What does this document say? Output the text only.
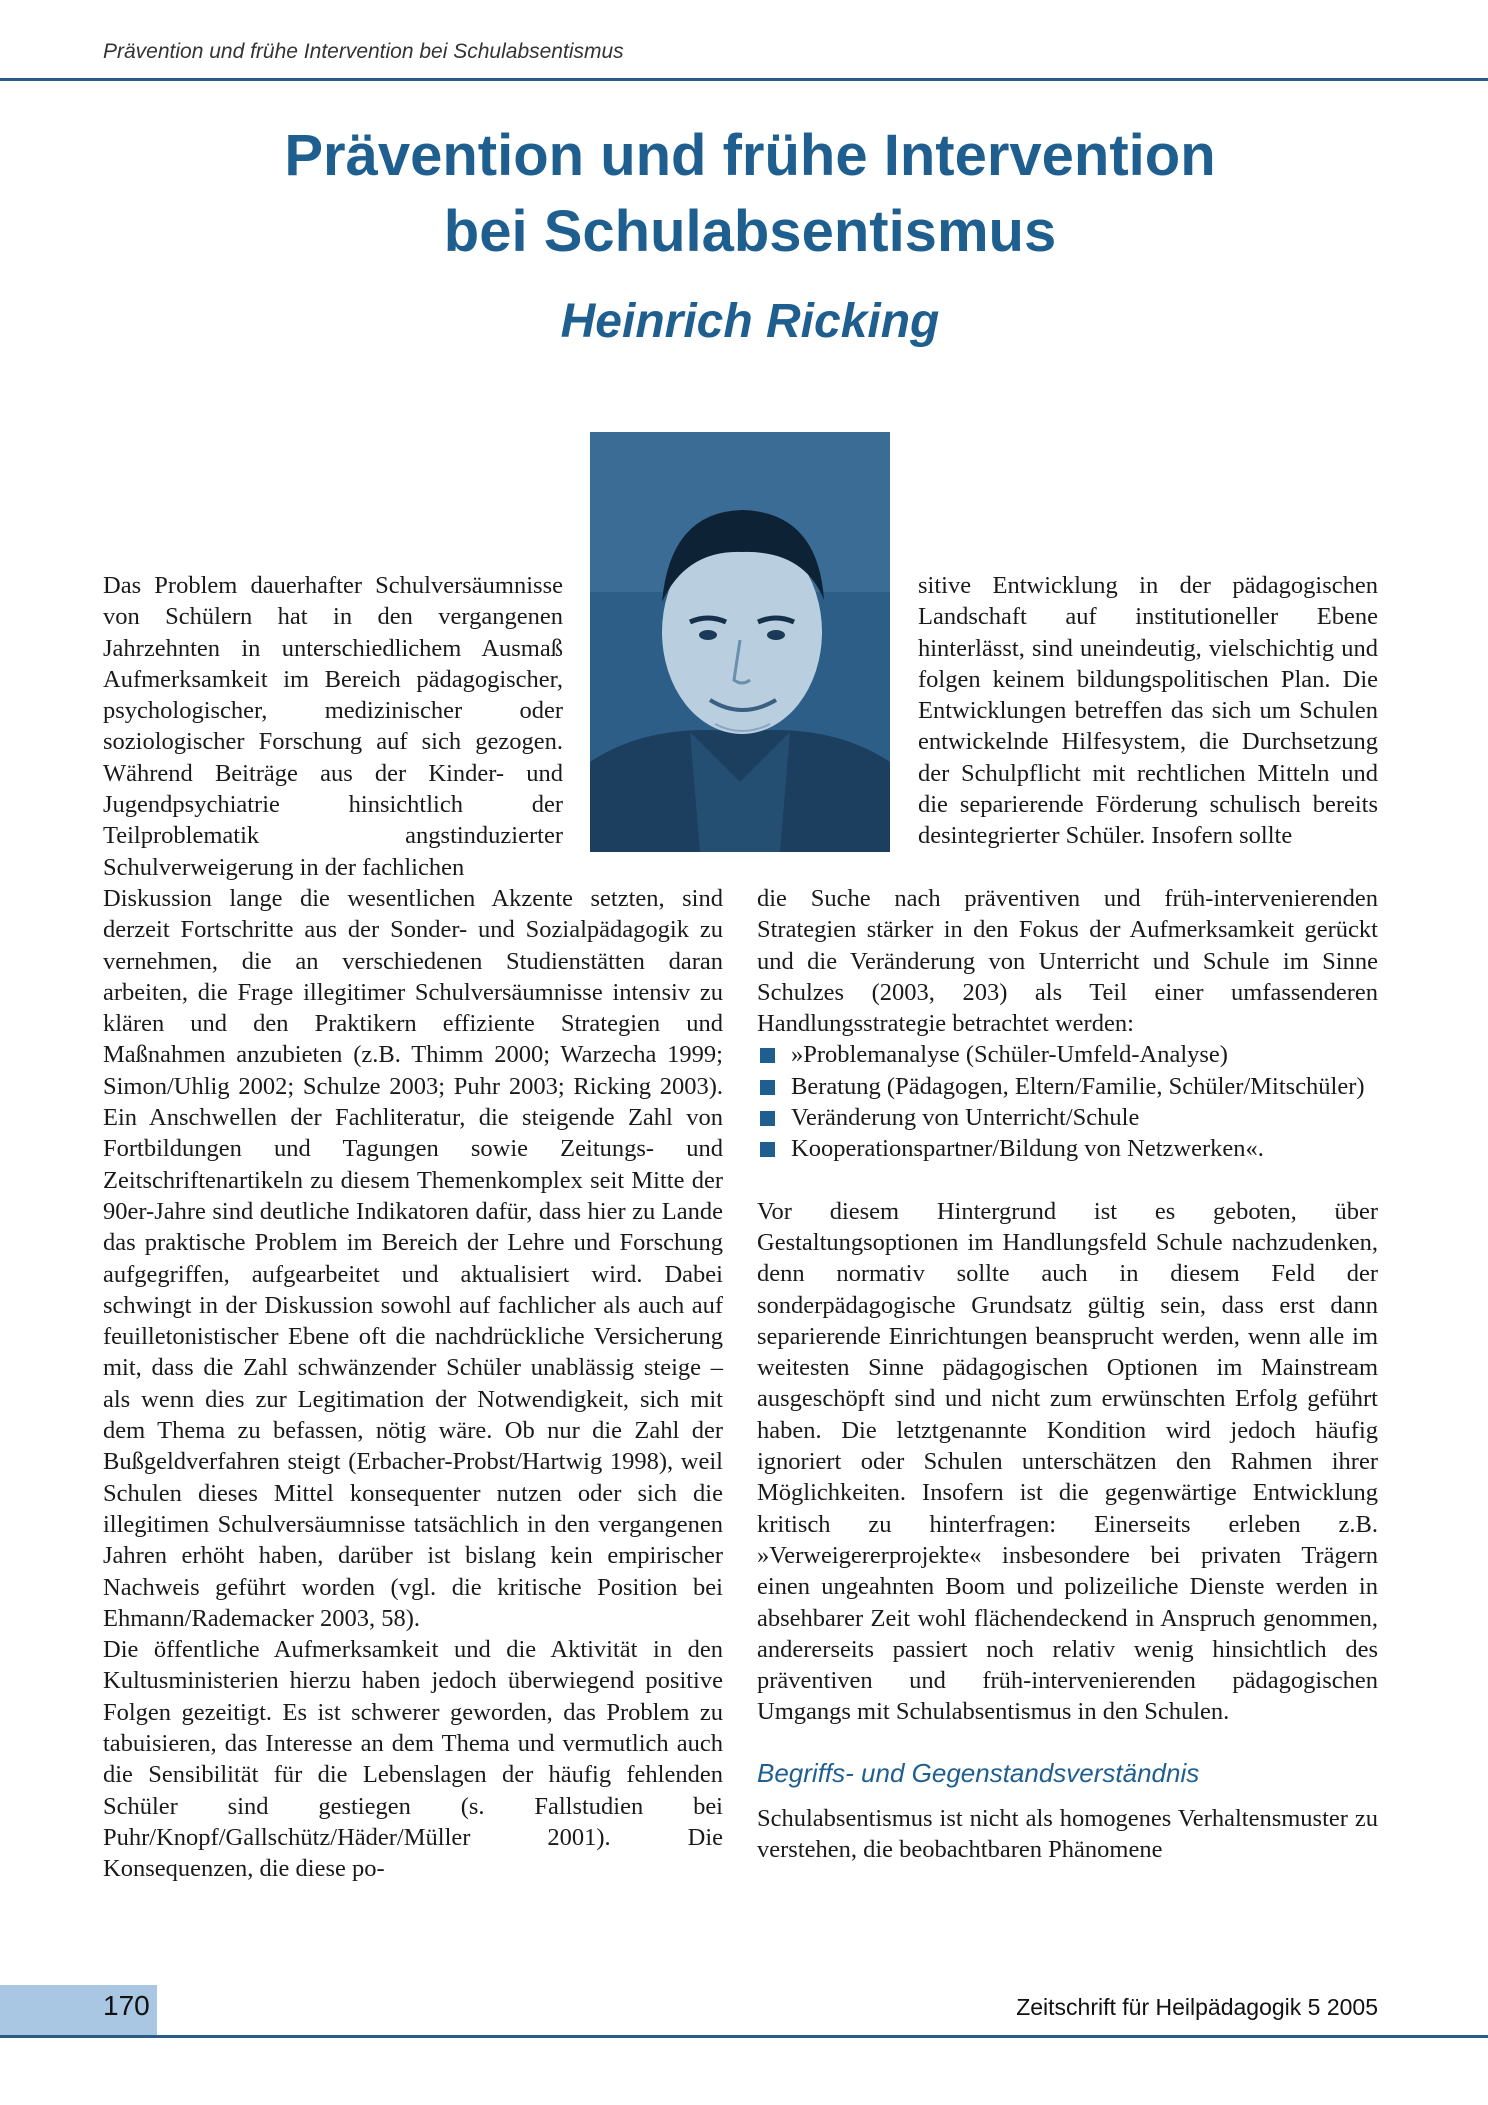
Prävention und frühe Intervention bei Schulabsentismus
Prävention und frühe Intervention
bei Schulabsentismus
Heinrich Ricking

Das Problem dauerhafter Schulversäumnisse von Schülern hat in den vergangenen Jahrzehnten in unterschiedlichem Ausmaß Aufmerksamkeit im Bereich pädagogischer, psychologischer, medizinischer oder soziologischer Forschung auf sich gezogen. Während Beiträge aus der Kinder- und Jugendpsychiatrie hinsichtlich der Teilproblematik angstinduzierter Schulverweigerung in der fachlichen

Diskussion lange die wesentlichen Akzente setzten, sind derzeit Fortschritte aus der Sonder- und Sozialpädagogik zu vernehmen, die an verschiedenen Studienstätten daran arbeiten, die Frage illegitimer Schulversäumnisse intensiv zu klären und den Praktikern effiziente Strategien und Maßnahmen anzubieten (z.B. Thimm 2000; Warzecha 1999; Simon/Uhlig 2002; Schulze 2003; Puhr 2003; Ricking 2003). Ein Anschwellen der Fachliteratur, die steigende Zahl von Fortbildungen und Tagungen sowie Zeitungs- und Zeitschriftenartikeln zu diesem Themenkomplex seit Mitte der 90er-Jahre sind deutliche Indikatoren dafür, dass hier zu Lande das praktische Problem im Bereich der Lehre und Forschung aufgegriffen, aufgearbeitet und aktualisiert wird. Dabei schwingt in der Diskussion sowohl auf fachlicher als auch auf feuilletonistischer Ebene oft die nachdrückliche Versicherung mit, dass die Zahl schwänzender Schüler unablässig steige – als wenn dies zur Legitimation der Notwendigkeit, sich mit dem Thema zu befassen, nötig wäre. Ob nur die Zahl der Bußgeldverfahren steigt (Erbacher-Probst/Hartwig 1998), weil Schulen dieses Mittel konsequenter nutzen oder sich die illegitimen Schulversäumnisse tatsächlich in den vergangenen Jahren erhöht haben, darüber ist bislang kein empirischer Nachweis geführt worden (vgl. die kritische Position bei Ehmann/Rademacker 2003, 58).

Die öffentliche Aufmerksamkeit und die Aktivität in den Kultusministerien hierzu haben jedoch überwiegend positive Folgen gezeitigt. Es ist schwerer geworden, das Problem zu tabuisieren, das Interesse an dem Thema und vermutlich auch die Sensibilität für die Lebenslagen der häufig fehlenden Schüler sind gestiegen (s. Fallstudien bei Puhr/Knopf/Gallschütz/Häder/Müller 2001). Die Konsequenzen, die diese po-

sitive Entwicklung in der pädagogischen Landschaft auf institutioneller Ebene hinterlässt, sind uneindeutig, vielschichtig und folgen keinem bildungspolitischen Plan. Die Entwicklungen betreffen das sich um Schulen entwickelnde Hilfesystem, die Durchsetzung der Schulpflicht mit rechtlichen Mitteln und die separierende Förderung schulisch bereits desintegrierter Schüler. Insofern sollte

die Suche nach präventiven und früh-intervenierenden Strategien stärker in den Fokus der Aufmerksamkeit gerückt und die Veränderung von Unterricht und Schule im Sinne Schulzes (2003, 203) als Teil einer umfassenderen Handlungsstrategie betrachtet werden:

»Problemanalyse (Schüler-Umfeld-Analyse)
Beratung (Pädagogen, Eltern/Familie, Schüler/Mitschüler)
Veränderung von Unterricht/Schule
Kooperationspartner/Bildung von Netzwerken«.

Vor diesem Hintergrund ist es geboten, über Gestaltungsoptionen im Handlungsfeld Schule nachzudenken, denn normativ sollte auch in diesem Feld der sonderpädagogische Grundsatz gültig sein, dass erst dann separierende Einrichtungen beansprucht werden, wenn alle im weitesten Sinne pädagogischen Optionen im Mainstream ausgeschöpft sind und nicht zum erwünschten Erfolg geführt haben. Die letztgenannte Kondition wird jedoch häufig ignoriert oder Schulen unterschätzen den Rahmen ihrer Möglichkeiten. Insofern ist die gegenwärtige Entwicklung kritisch zu hinterfragen: Einerseits erleben z.B. »Verweigererprojekte« insbesondere bei privaten Trägern einen ungeahnten Boom und polizeiliche Dienste werden in absehbarer Zeit wohl flächendeckend in Anspruch genommen, andererseits passiert noch relativ wenig hinsichtlich des präventiven und früh-intervenierenden pädagogischen Umgangs mit Schulabsentismus in den Schulen.

Begriffs- und Gegenstandsverständnis

Schulabsentismus ist nicht als homogenes Verhaltensmuster zu verstehen, die beobachtbaren Phänomene

170	Zeitschrift für Heilpädagogik 5 2005
